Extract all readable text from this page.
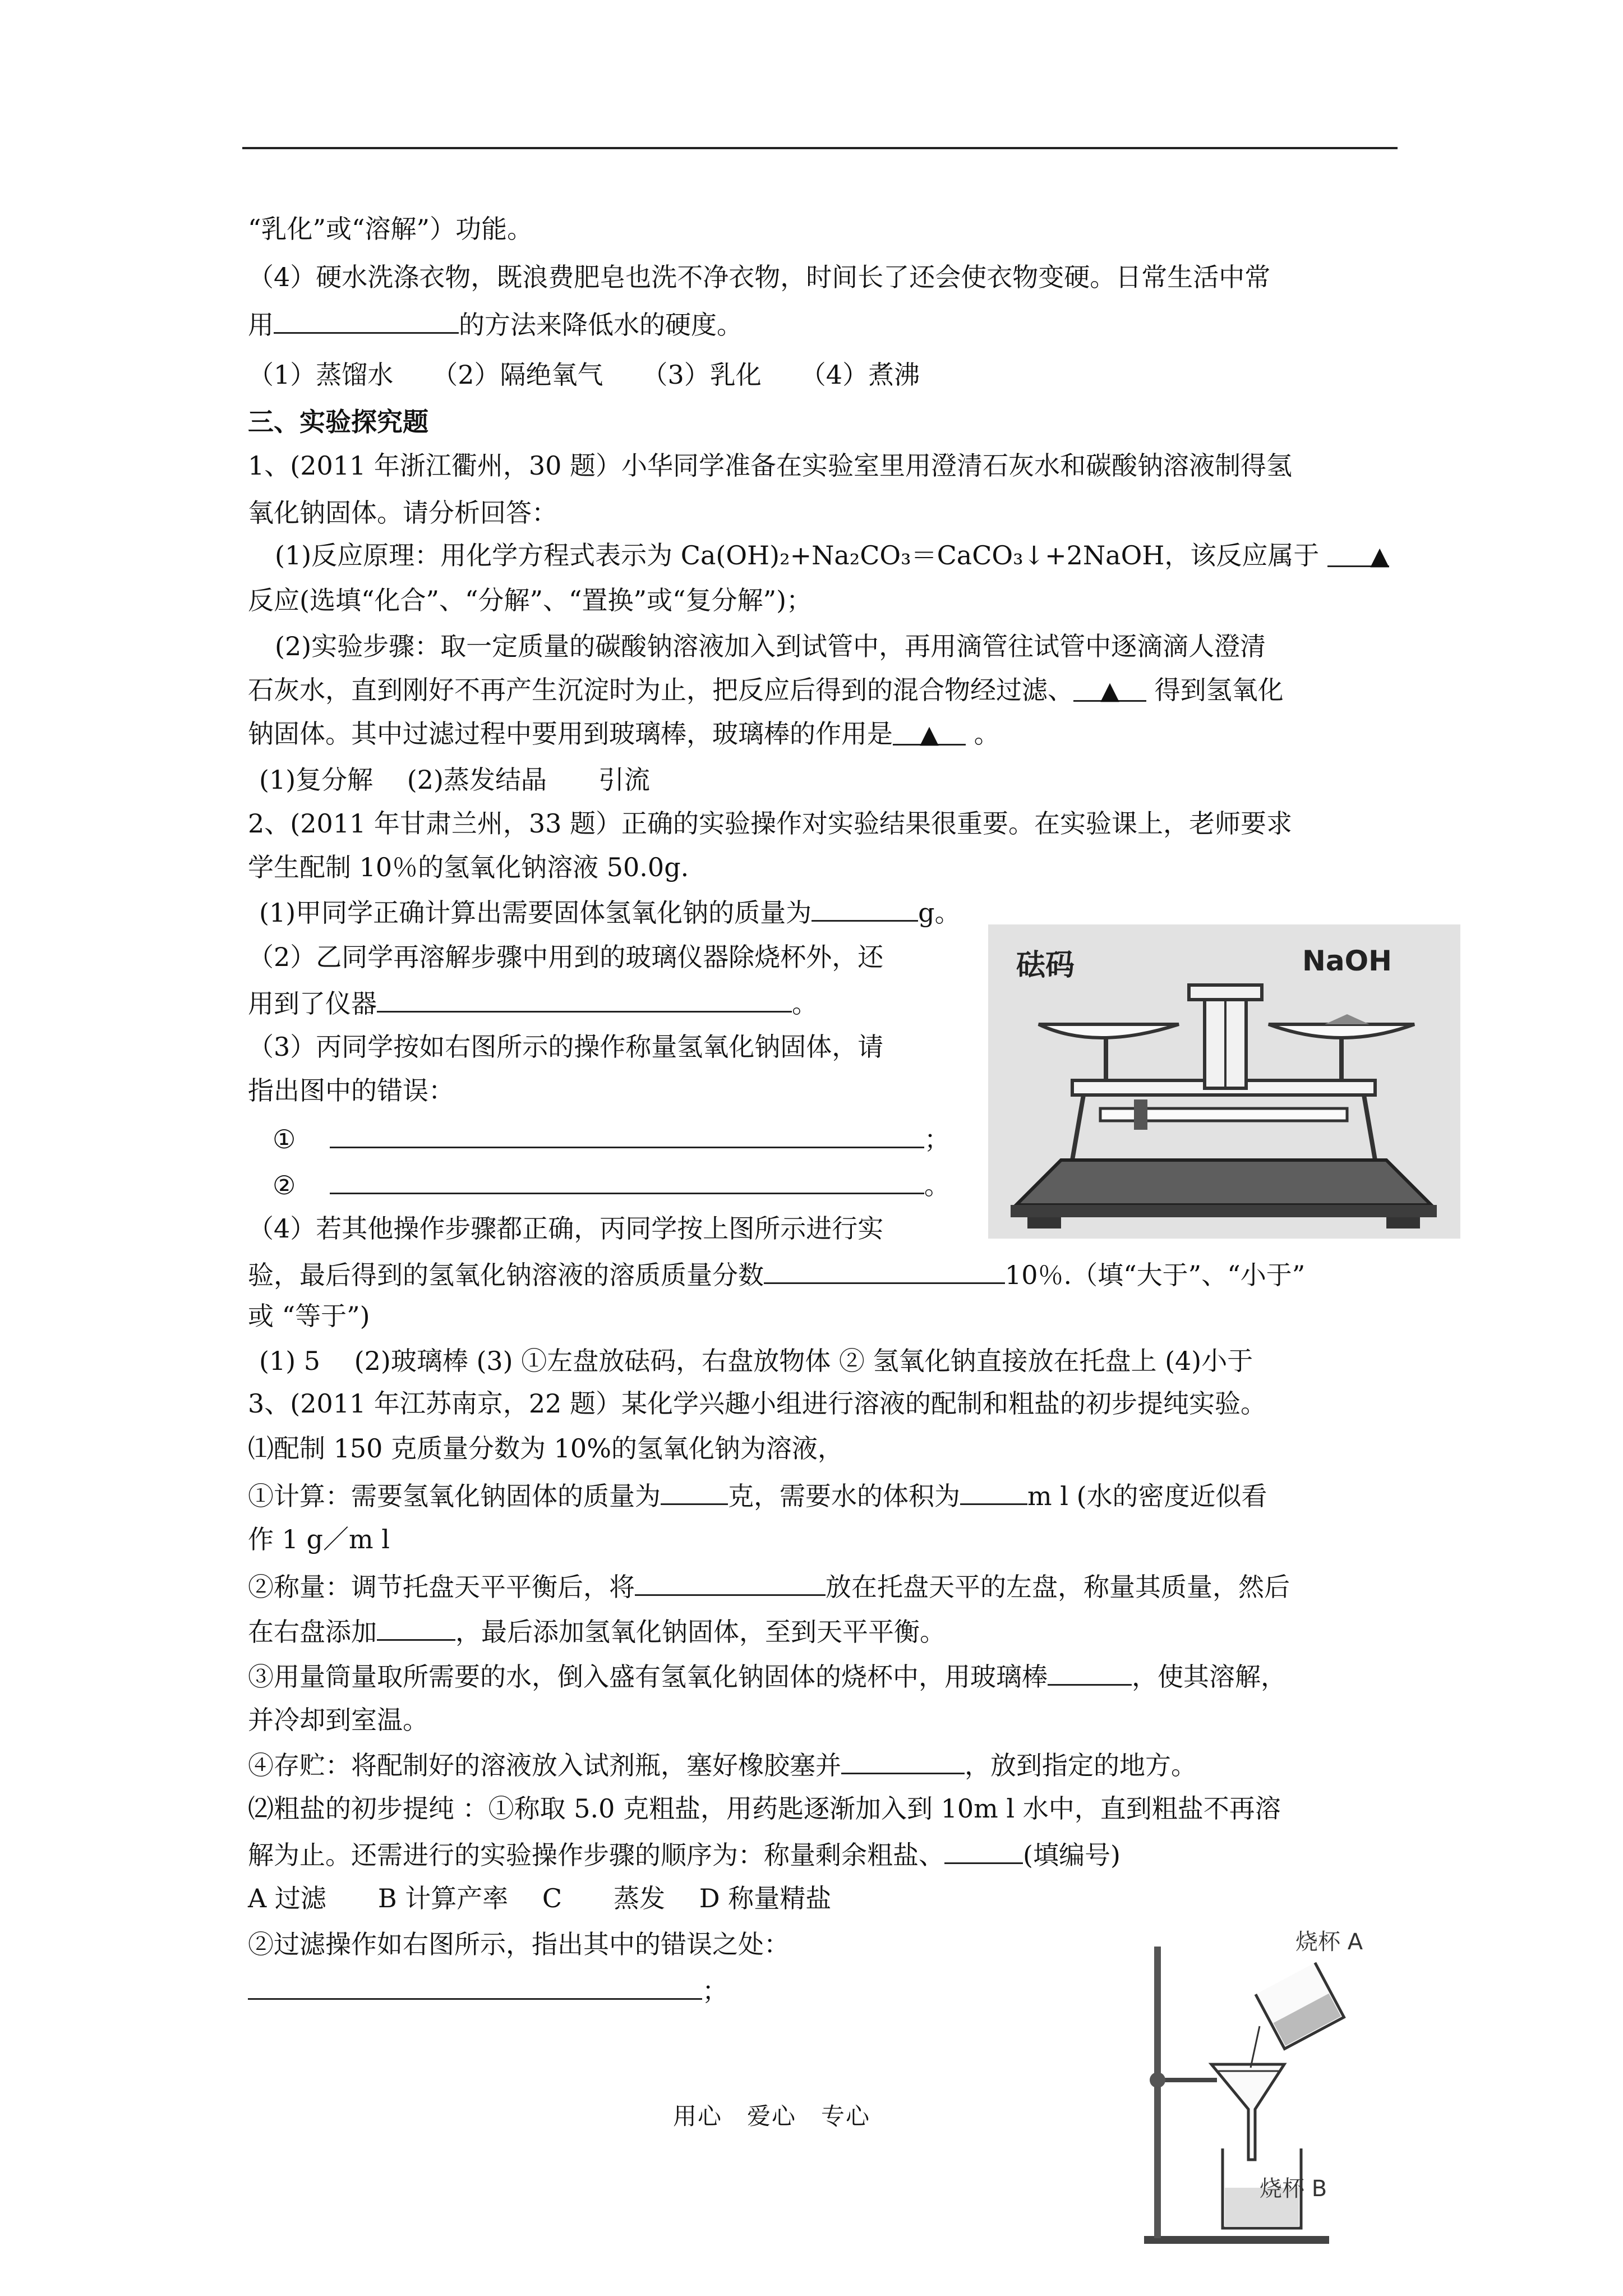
“乳化”或“溶解”）功能。
（4）硬水洗涤衣物，既浪费肥皂也洗不净衣物，时间长了还会使衣物变硬。日常生活中常
用	的方法来降低水的硬度。
（1）蒸馏水　　（2）隔绝氧气　　（3）乳化　　（4）煮沸
三、实验探究题
1、(2011 年浙江衢州，30 题）小华同学准备在实验室里用澄清石灰水和碳酸钠溶液制得氢
氧化钠固体。请分析回答：
(1)反应原理：用化学方程式表示为 Ca(OH)₂+Na₂CO₃＝CaCO₃↓+2NaOH，该反应属于 ▲
反应(选填“化合”、“分解”、“置换”或“复分解”)；
(2)实验步骤：取一定质量的碳酸钠溶液加入到试管中，再用滴管往试管中逐滴滴人澄清
石灰水，直到刚好不再产生沉淀时为止，把反应后得到的混合物经过滤、 ▲ 得到氢氧化
钠固体。其中过滤过程中要用到玻璃棒，玻璃棒的作用是 ▲ 。
(1)复分解　 (2)蒸发结晶　　引流
2、(2011 年甘肃兰州，33 题）正确的实验操作对实验结果很重要。在实验课上，老师要求
学生配制 10％的氢氧化钠溶液 50.0g.
(1)甲同学正确计算出需要固体氢氧化钠的质量为	g。
（2）乙同学再溶解步骤中用到的玻璃仪器除烧杯外，还
用到了仪器	。
（3）丙同学按如右图所示的操作称量氢氧化钠固体，请
指出图中的错误：
①　	；
②　	。
（4）若其他操作步骤都正确，丙同学按上图所示进行实
验，最后得到的氢氧化钠溶液的溶质质量分数	10％.（填“大于”、“小于”
或 “等于”)
(1) 5　 (2)玻璃棒 (3) ①左盘放砝码，右盘放物体 ② 氢氧化钠直接放在托盘上 (4)小于
3、(2011 年江苏南京，22 题）某化学兴趣小组进行溶液的配制和粗盐的初步提纯实验。
⑴配制 150 克质量分数为 10%的氢氧化钠为溶液，
①计算：需要氢氧化钠固体的质量为	克，需要水的体积为	m l (水的密度近似看
作 1 g／m l
②称量：调节托盘天平平衡后，将	放在托盘天平的左盘，称量其质量，然后
在右盘添加	，最后添加氢氧化钠固体，至到天平平衡。
③用量筒量取所需要的水，倒入盛有氢氧化钠固体的烧杯中，用玻璃棒	，使其溶解，
并冷却到室温。
④存贮：将配制好的溶液放入试剂瓶，塞好橡胶塞并	，放到指定的地方。
⑵粗盐的初步提纯 ：①称取 5.0 克粗盐，用药匙逐渐加入到 10m l 水中，直到粗盐不再溶
解为止。还需进行的实验操作步骤的顺序为：称量剩余粗盐、	(填编号)
A 过滤　　B 计算产率　 C　　蒸发　 D 称量精盐
②过滤操作如右图所示，指出其中的错误之处：
；
用心　爱心　专心
砝码	NaOH
烧杯 A
烧杯 B
